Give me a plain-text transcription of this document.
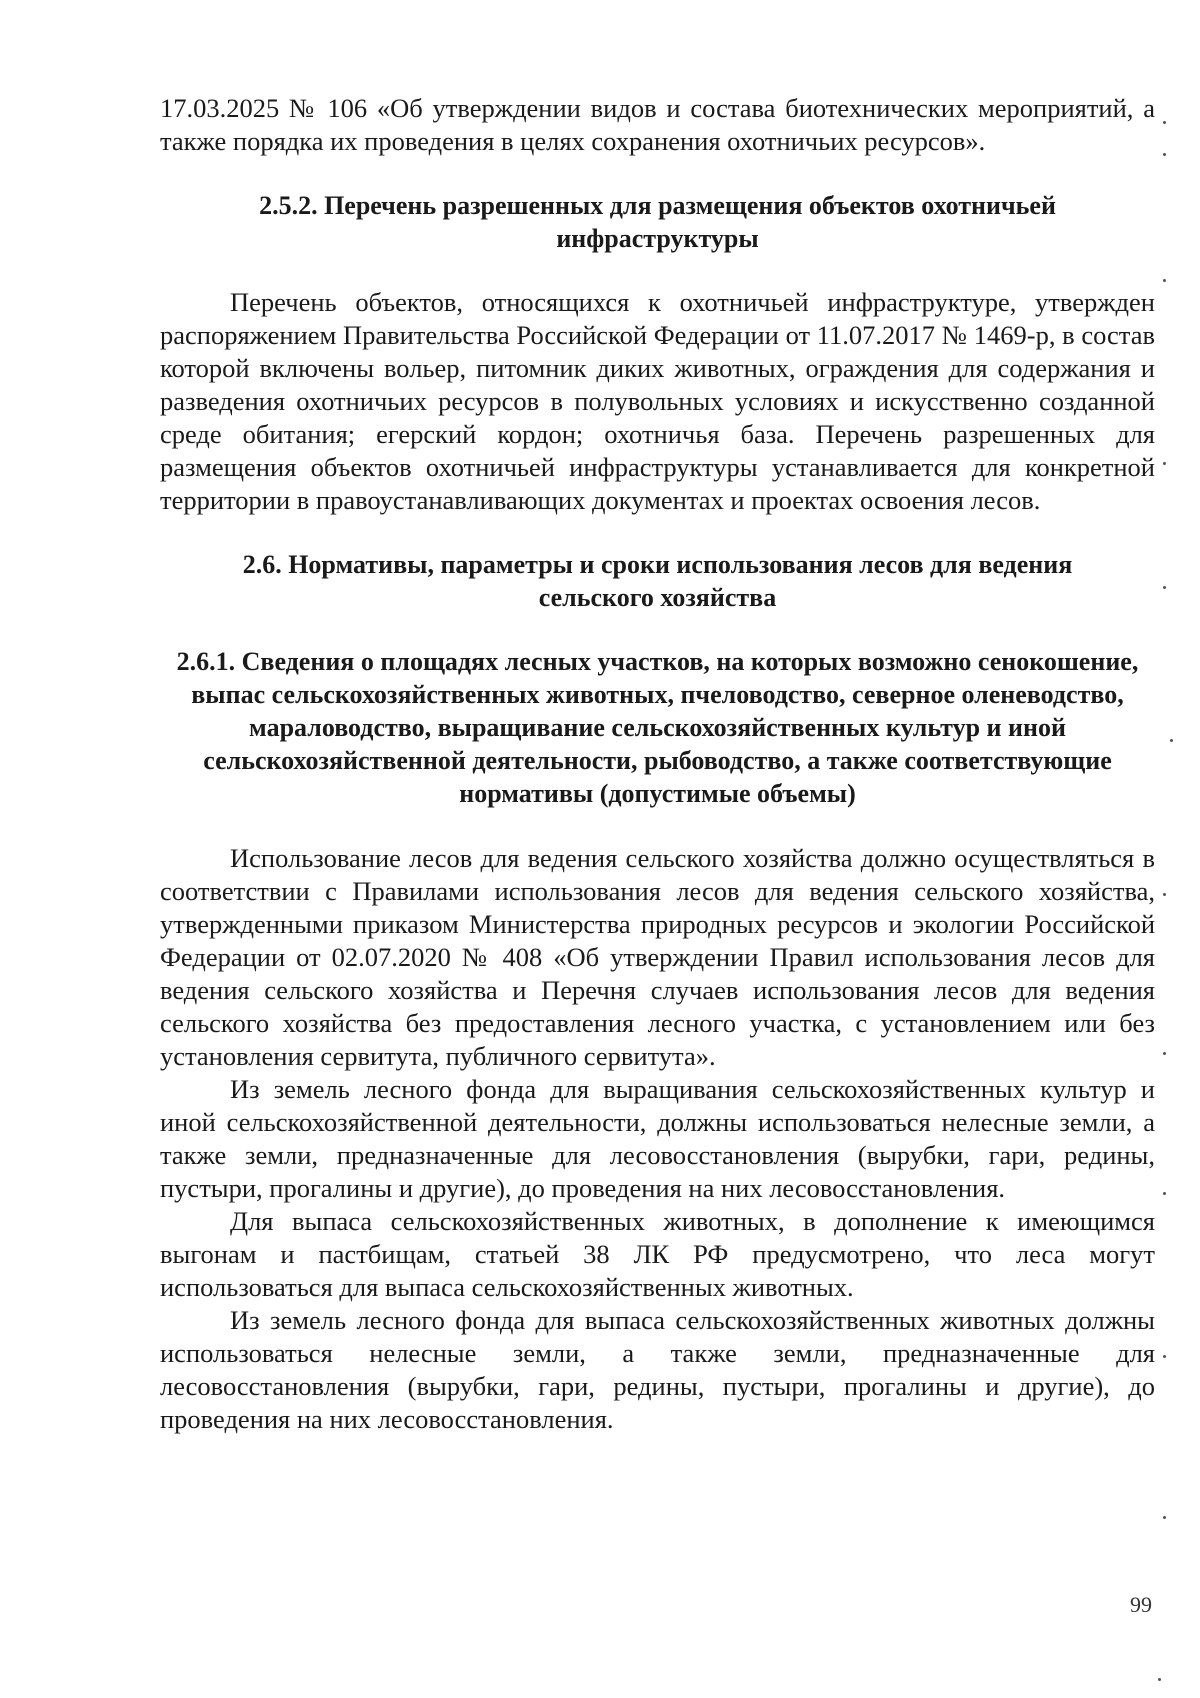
17.03.2025 № 106 «Об утверждении видов и состава биотехнических мероприятий, а также порядка их проведения в целях сохранения охотничьих ресурсов».

2.5.2. Перечень разрешенных для размещения объектов охотничьей инфраструктуры

Перечень объектов, относящихся к охотничьей инфраструктуре, утвержден распоряжением Правительства Российской Федерации от 11.07.2017 № 1469-р, в состав которой включены вольер, питомник диких животных, ограждения для содержания и разведения охотничьих ресурсов в полувольных условиях и искусственно созданной среде обитания; егерский кордон; охотничья база. Перечень разрешенных для размещения объектов охотничьей инфраструктуры устанавливается для конкретной территории в правоустанавливающих документах и проектах освоения лесов.

2.6. Нормативы, параметры и сроки использования лесов для ведения сельского хозяйства

2.6.1. Сведения о площадях лесных участков, на которых возможно сенокошение, выпас сельскохозяйственных животных, пчеловодство, северное оленеводство, мараловодство, выращивание сельскохозяйственных культур и иной сельскохозяйственной деятельности, рыбоводство, а также соответствующие нормативы (допустимые объемы)

Использование лесов для ведения сельского хозяйства должно осуществляться в соответствии с Правилами использования лесов для ведения сельского хозяйства, утвержденными приказом Министерства природных ресурсов и экологии Российской Федерации от 02.07.2020 № 408 «Об утверждении Правил использования лесов для ведения сельского хозяйства и Перечня случаев использования лесов для ведения сельского хозяйства без предоставления лесного участка, с установлением или без установления сервитута, публичного сервитута».

Из земель лесного фонда для выращивания сельскохозяйственных культур и иной сельскохозяйственной деятельности, должны использоваться нелесные земли, а также земли, предназначенные для лесовосстановления (вырубки, гари, редины, пустыри, прогалины и другие), до проведения на них лесовосстановления.

Для выпаса сельскохозяйственных животных, в дополнение к имеющимся выгонам и пастбищам, статьей 38 ЛК РФ предусмотрено, что леса могут использоваться для выпаса сельскохозяйственных животных.

Из земель лесного фонда для выпаса сельскохозяйственных животных должны использоваться нелесные земли, а также земли, предназначенные для лесовосстановления (вырубки, гари, редины, пустыри, прогалины и другие), до проведения на них лесовосстановления.

99
